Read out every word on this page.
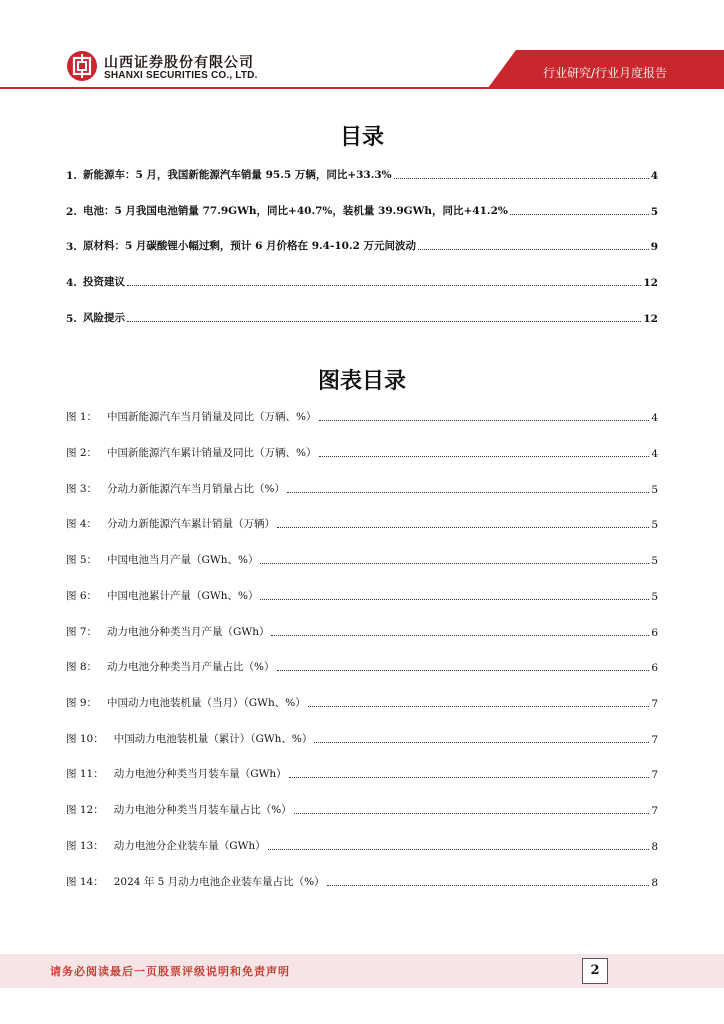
山西证券股份有限公司
SHANXI SECURITIES CO., LTD.	行业研究/行业月度报告
目录
1. 新能源车：5 月，我国新能源汽车销量 95.5 万辆，同比+33.3%	4
2. 电池：5 月我国电池销量 77.9GWh，同比+40.7%，装机量 39.9GWh，同比+41.2%	5
3. 原材料：5 月碳酸锂小幅过剩，预计 6 月价格在 9.4-10.2 万元间波动	9
4. 投资建议	12
5. 风险提示	12
图表目录
图 1： 中国新能源汽车当月销量及同比（万辆、%）	4
图 2： 中国新能源汽车累计销量及同比（万辆、%）	4
图 3： 分动力新能源汽车当月销量占比（%）	5
图 4： 分动力新能源汽车累计销量（万辆）	5
图 5： 中国电池当月产量（GWh、%）	5
图 6： 中国电池累计产量（GWh、%）	5
图 7： 动力电池分种类当月产量（GWh）	6
图 8： 动力电池分种类当月产量占比（%）	6
图 9： 中国动力电池装机量（当月）（GWh、%）	7
图 10： 中国动力电池装机量（累计）（GWh、%）	7
图 11： 动力电池分种类当月装车量（GWh）	7
图 12： 动力电池分种类当月装车量占比（%）	7
图 13： 动力电池分企业装车量（GWh）	8
图 14： 2024 年 5 月动力电池企业装车量占比（%）	8
请务必阅读最后一页股票评级说明和免责声明	2
